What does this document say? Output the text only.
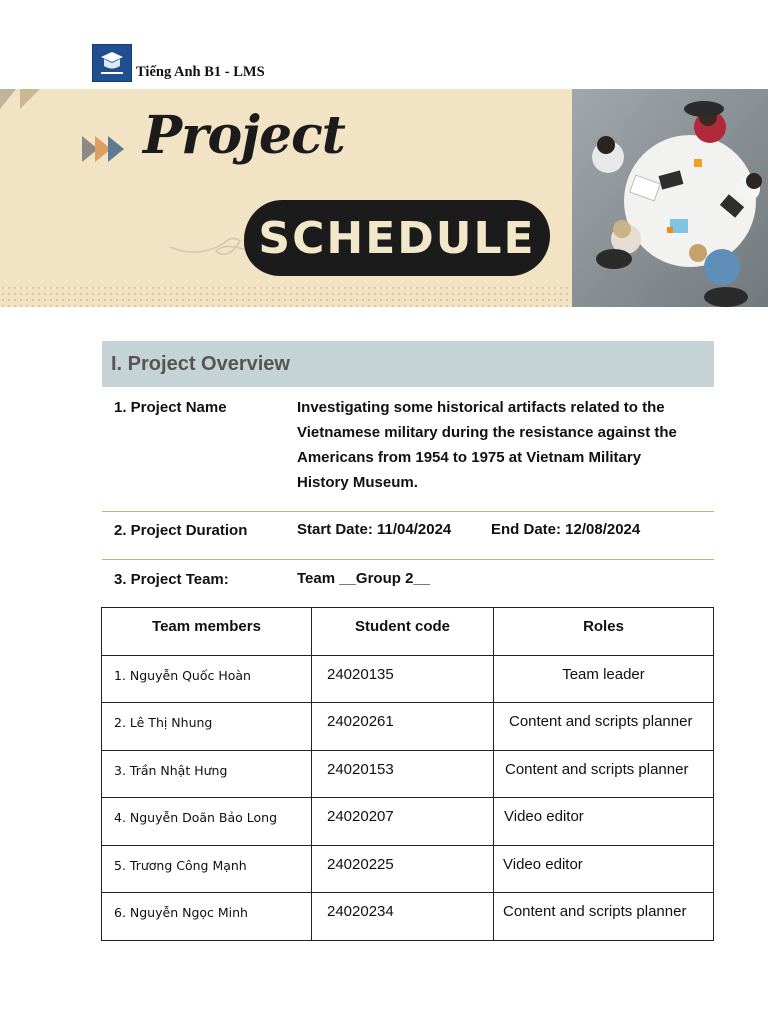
Tiếng Anh B1 - LMS
Project
SCHEDULE
I. Project Overview
1. Project Name	Investigating some historical artifacts related to the
Vietnamese military during the resistance against the
Americans from 1954 to 1975 at Vietnam Military
History Museum.
2. Project Duration	Start Date: 11/04/2024	End Date: 12/08/2024
3. Project Team:	Team __Group 2__
Team members	Student code	Roles
1. Nguyễn Quốc Hoàn	24020135	Team leader
2. Lê Thị Nhung	24020261	Content and scripts planner
3. Trần Nhật Hưng	24020153	Content and scripts planner
4. Nguyễn Doãn Bảo Long	24020207	Video editor
5. Trương Công Mạnh	24020225	Video editor
6. Nguyễn Ngọc Minh	24020234	Content and scripts planner
